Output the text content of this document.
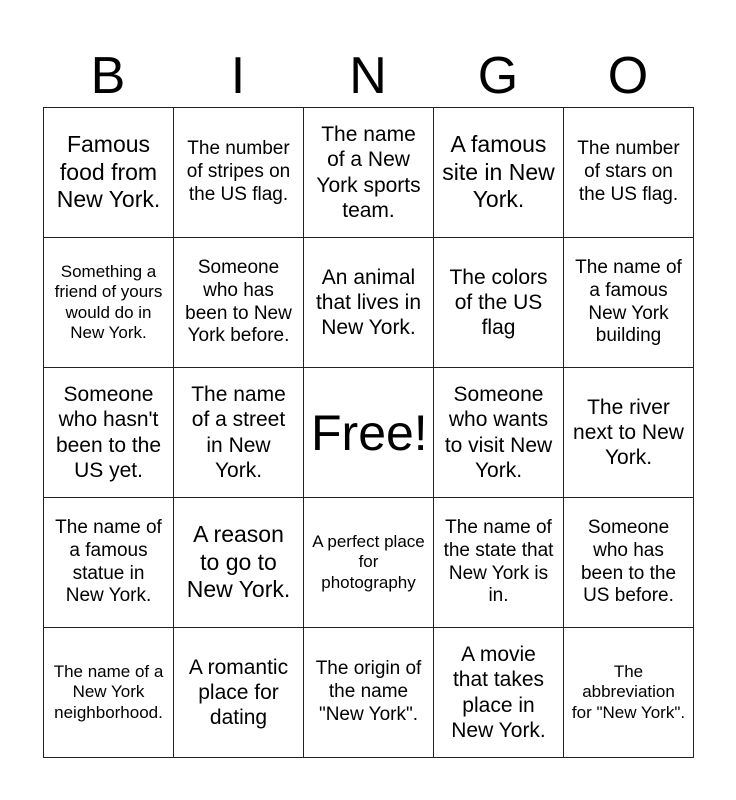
B	I	N	G	O
Famous food from New York.	The number of stripes on the US flag.	The name of a New York sports team.	A famous site in New York.	The number of stars on the US flag.
Something a friend of yours would do in New York.	Someone who has been to New York before.	An animal that lives in New York.	The colors of the US flag	The name of a famous New York building
Someone who hasn't been to the US yet.	The name of a street in New York.	Free!	Someone who wants to visit New York.	The river next to New York.
The name of a famous statue in New York.	A reason to go to New York.	A perfect place for photography	The name of the state that New York is in.	Someone who has been to the US before.
The name of a New York neighborhood.	A romantic place for dating	The origin of the name "New York".	A movie that takes place in New York.	The abbreviation for "New York".
